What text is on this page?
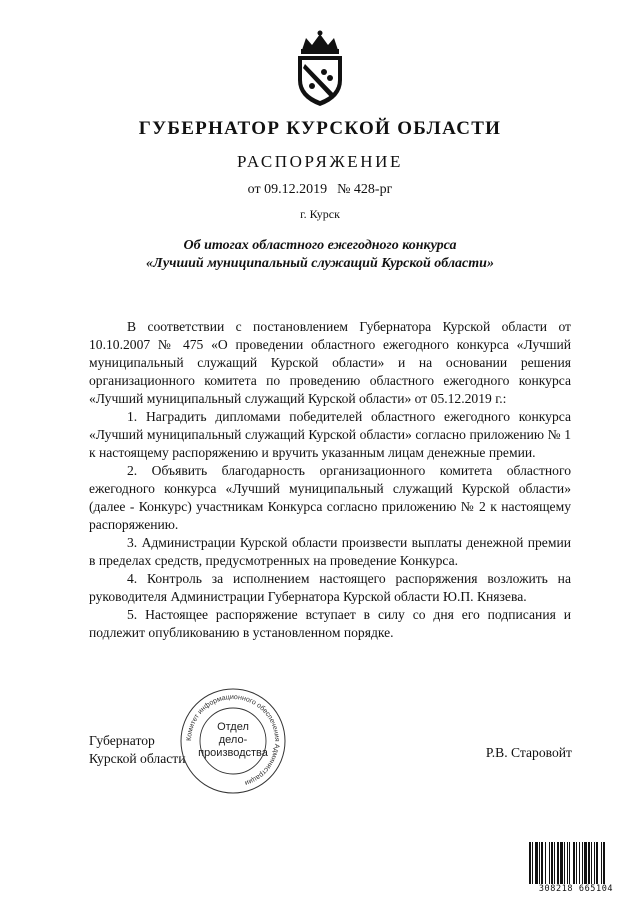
ГУБЕРНАТОР КУРСКОЙ ОБЛАСТИ
РАСПОРЯЖЕНИЕ
от 09.12.2019 № 428-рг
г. Курск
Об итогах областного ежегодного конкурса
«Лучший муниципальный служащий Курской области»

В соответствии с постановлением Губернатора Курской области от 10.10.2007 № 475 «О проведении областного ежегодного конкурса «Лучший муниципальный служащий Курской области» и на основании решения организационного комитета по проведению областного ежегодного конкурса «Лучший муниципальный служащий Курской области» от 05.12.2019 г.:

1. Наградить дипломами победителей областного ежегодного конкурса «Лучший муниципальный служащий Курской области» согласно приложению № 1 к настоящему распоряжению и вручить указанным лицам денежные премии.

2. Объявить благодарность организационного комитета областного ежегодного конкурса «Лучший муниципальный служащий Курской области» (далее - Конкурс) участникам Конкурса согласно приложению № 2 к настоящему распоряжению.

3. Администрации Курской области произвести выплаты денежной премии в пределах средств, предусмотренных на проведение Конкурса.

4. Контроль за исполнением настоящего распоряжения возложить на руководителя Администрации Губернатора Курской области Ю.П. Князева.

5. Настоящее распоряжение вступает в силу со дня его подписания и подлежит опубликованию в установленном порядке.

Губернатор
Курской области	Р.В. Старовойт
Комитет информационного обеспечения Администрации
Отдел
дело-
производства
308218 665104
